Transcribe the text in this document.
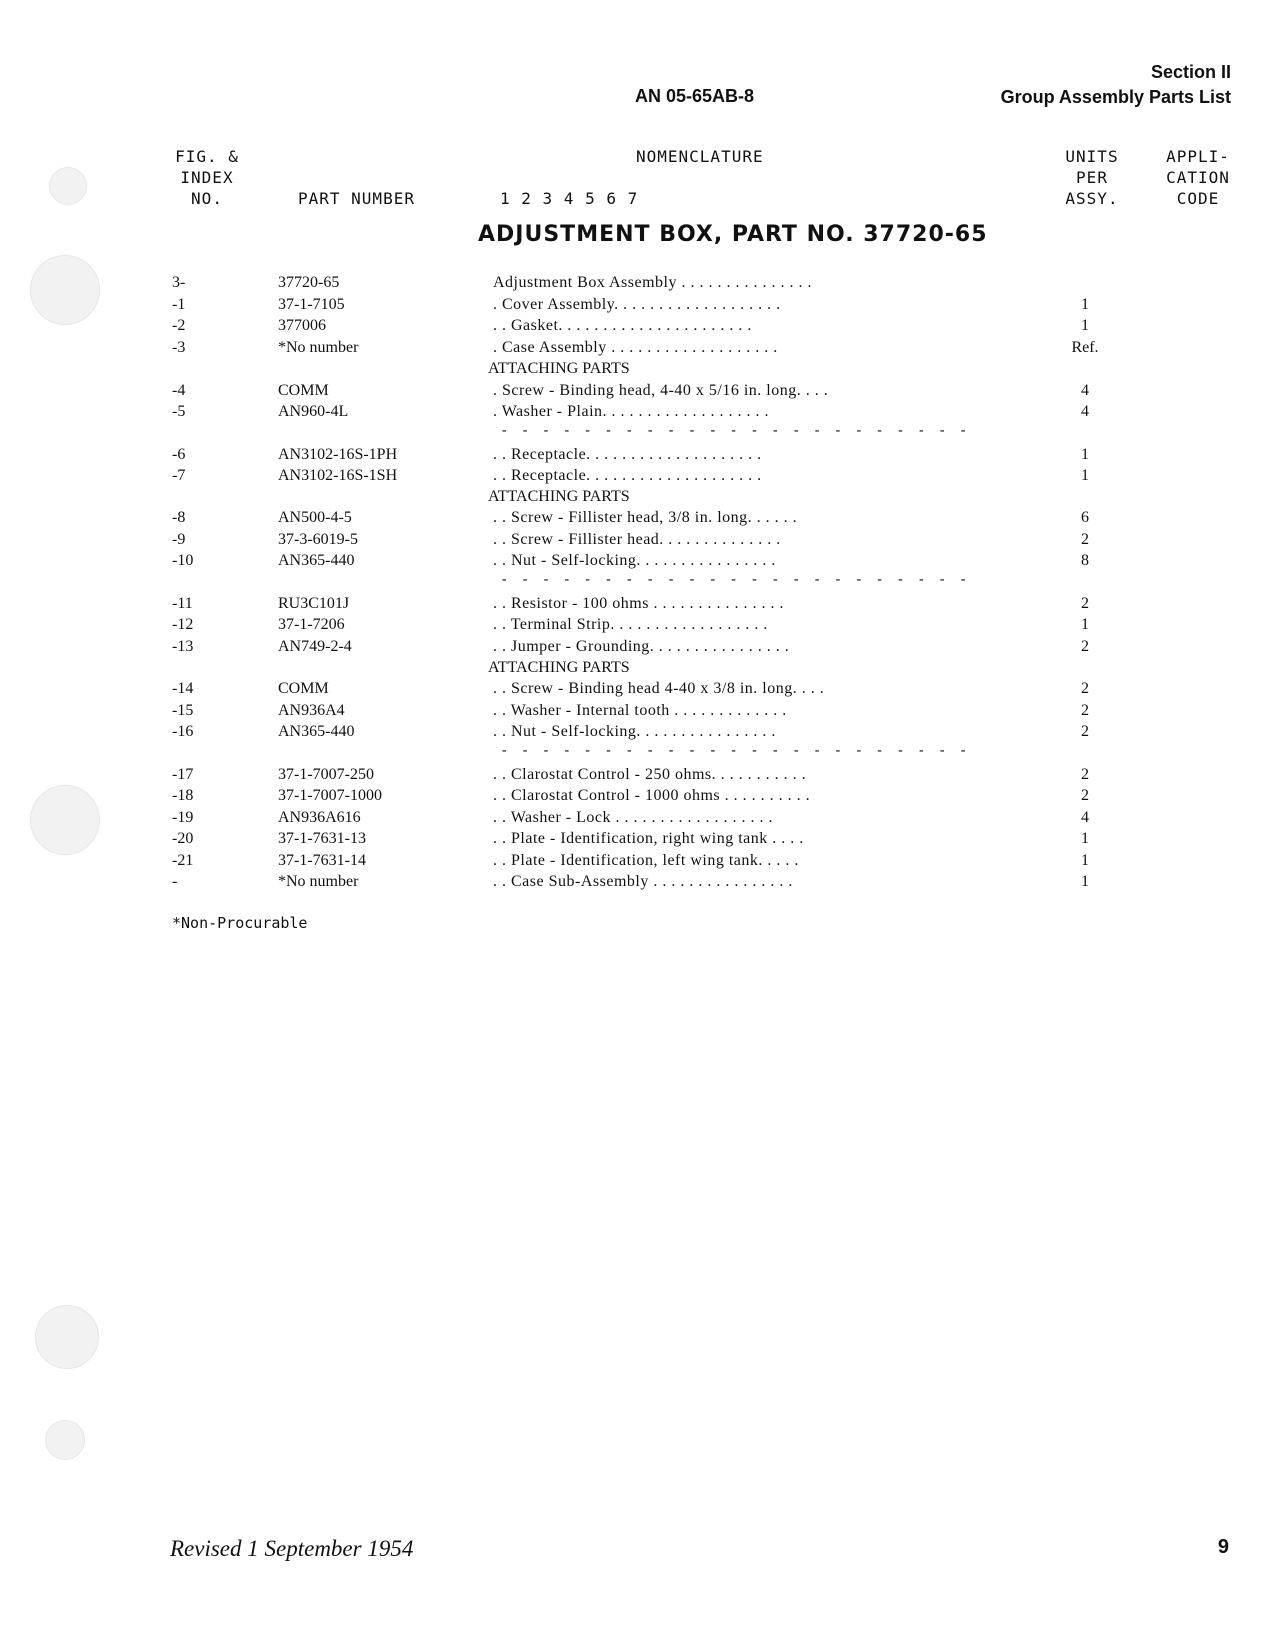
Section II
Group Assembly Parts List
AN 05-65AB-8
FIG. &
INDEX
NO.	PART NUMBER
NOMENCLATURE
1 2 3 4 5 6 7
UNITS
PER
ASSY.
APPLI-
CATION
CODE
ADJUSTMENT BOX, PART NO. 37720-65
3-	37720-65	Adjustment Box Assembly . . . . . . . . . . . . . . .
-1	37-1-7105	. Cover Assembly. . . . . . . . . . . . . . . . . . .	1
-2	377006	. . Gasket. . . . . . . . . . . . . . . . . . . . . .	1
-3	*No number	. Case Assembly . . . . . . . . . . . . . . . . . . .	Ref.
ATTACHING PARTS
-4	COMM	. Screw - Binding head, 4-40 x 5/16 in. long. . . .	4
-5	AN960-4L	. Washer - Plain. . . . . . . . . . . . . . . . . . .	4
- - - - - - - - - - - - - - - - - - - - - - -
-6	AN3102-16S-1PH	. . Receptacle. . . . . . . . . . . . . . . . . . . .	1
-7	AN3102-16S-1SH	. . Receptacle. . . . . . . . . . . . . . . . . . . .	1
ATTACHING PARTS
-8	AN500-4-5	. . Screw - Fillister head, 3/8 in. long. . . . . .	6
-9	37-3-6019-5	. . Screw - Fillister head. . . . . . . . . . . . . .	2
-10	AN365-440	. . Nut - Self-locking. . . . . . . . . . . . . . . .	8
- - - - - - - - - - - - - - - - - - - - - - -
-11	RU3C101J	. . Resistor - 100 ohms . . . . . . . . . . . . . . .	2
-12	37-1-7206	. . Terminal Strip. . . . . . . . . . . . . . . . . .	1
-13	AN749-2-4	. . Jumper - Grounding. . . . . . . . . . . . . . . .	2
ATTACHING PARTS
-14	COMM	. . Screw - Binding head 4-40 x 3/8 in. long. . . .	2
-15	AN936A4	. . Washer - Internal tooth . . . . . . . . . . . . .	2
-16	AN365-440	. . Nut - Self-locking. . . . . . . . . . . . . . . .	2
- - - - - - - - - - - - - - - - - - - - - - -
-17	37-1-7007-250	. . Clarostat Control - 250 ohms. . . . . . . . . . .	2
-18	37-1-7007-1000	. . Clarostat Control - 1000 ohms . . . . . . . . . .	2
-19	AN936A616	. . Washer - Lock . . . . . . . . . . . . . . . . . .	4
-20	37-1-7631-13	. . Plate - Identification, right wing tank . . . .	1
-21	37-1-7631-14	. . Plate - Identification, left wing tank. . . . .	1
-	*No number	. . Case Sub-Assembly . . . . . . . . . . . . . . . .	1
*Non-Procurable
Revised 1 September 1954	9
